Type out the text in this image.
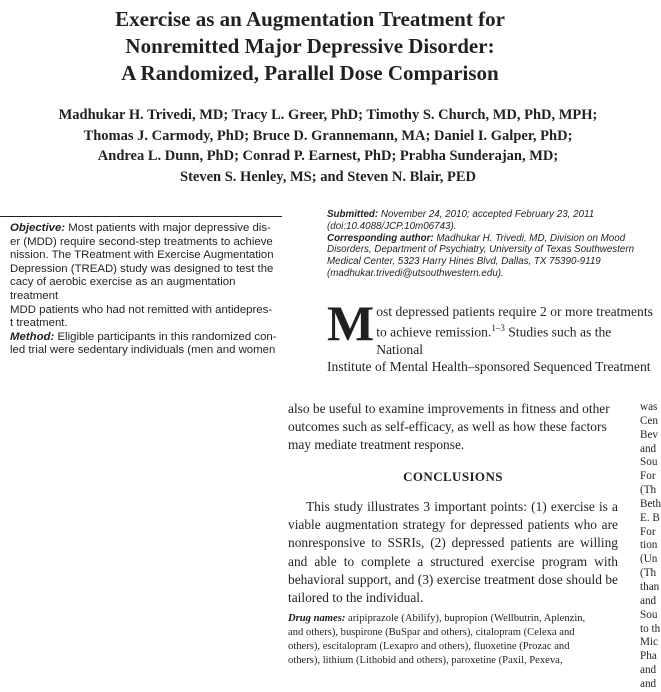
Exercise as an Augmentation Treatment for
Nonremitted Major Depressive Disorder:
A Randomized, Parallel Dose Comparison
Madhukar H. Trivedi, MD; Tracy L. Greer, PhD; Timothy S. Church, MD, PhD, MPH;
Thomas J. Carmody, PhD; Bruce D. Grannemann, MA; Daniel I. Galper, PhD;
Andrea L. Dunn, PhD; Conrad P. Earnest, PhD; Prabha Sunderajan, MD;
Steven S. Henley, MS; and Steven N. Blair, PED

Objective: Most patients with major depressive dis-

er (MDD) require second-step treatments to achieve
nission. The TReatment with Exercise Augmentation
Depression (TREAD) study was designed to test the
cacy of aerobic exercise as an augmentation treatment
MDD patients who had not remitted with antidepres-
t treatment.

Method: Eligible participants in this randomized con-

led trial were sedentary individuals (men and women
Submitted: November 24, 2010; accepted February 23, 2011
(doi:10.4088/JCP.10m06743).
Corresponding author: Madhukar H. Trivedi, MD, Division on Mood
Disorders, Department of Psychiatry, University of Texas Southwestern
Medical Center, 5323 Harry Hines Blvd, Dallas, TX 75390-9119
(madhukar.trivedi@utsouthwestern.edu).
M ost depressed patients require 2 or more treatments
to achieve remission.$^{1-3}$ Studies such as the National
Institute of Mental Health–sponsored Sequenced Treatment
also be useful to examine improvements in fitness and other
outcomes such as self-efficacy, as well as how these factors
may mediate treatment response.
CONCLUSIONS
This study illustrates 3 important points: (1) exercise is a viable augmentation strategy for depressed patients who are nonresponsive to SSRIs, (2) depressed patients are willing and able to complete a structured exercise program with behavioral support, and (3) exercise treatment dose should be tailored to the individual.
Drug names: aripiprazole (Abilify), bupropion (Wellbutrin, Aplenzin,
and others), buspirone (BuSpar and others), citalopram (Celexa and
others), escitalopram (Lexapro and others), fluoxetine (Prozac and
others), lithium (Lithobid and others), paroxetine (Paxil, Pexeva,
was
Cen
Bev
and
Sou
For
(Th
Beth
E. B
For
tion
(Un
(Th
than
and
Sou
to th
Mic
Pha
and
and
